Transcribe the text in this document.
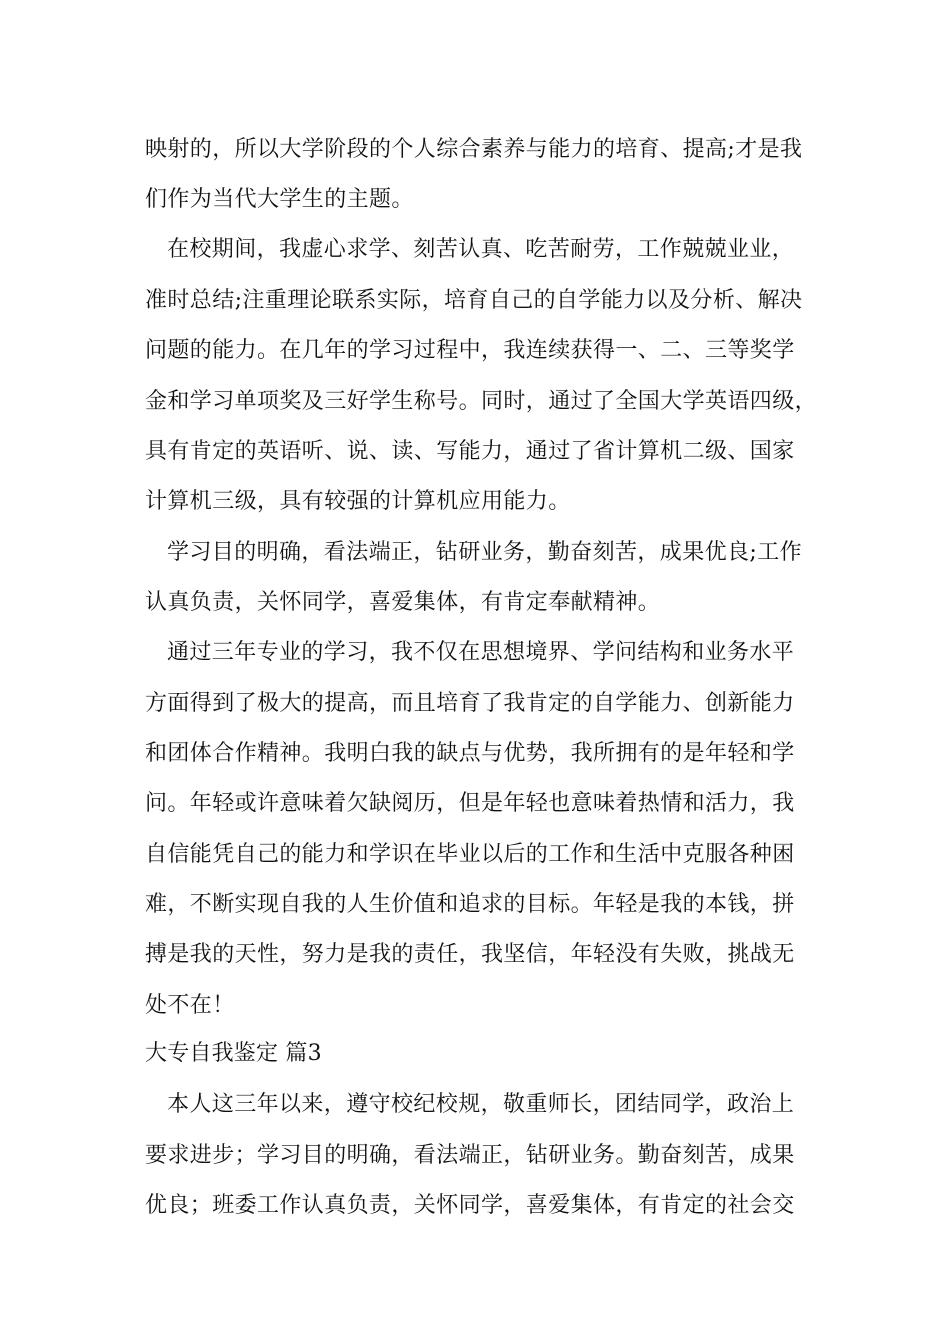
映射的，所以大学阶段的个人综合素养与能力的培育、提高;才是我
们作为当代大学生的主题。
在校期间，我虚心求学、刻苦认真、吃苦耐劳，工作兢兢业业，
准时总结;注重理论联系实际，培育自己的自学能力以及分析、解决
问题的能力。在几年的学习过程中，我连续获得一、二、三等奖学
金和学习单项奖及三好学生称号。同时，通过了全国大学英语四级，
具有肯定的英语听、说、读、写能力，通过了省计算机二级、国家
计算机三级，具有较强的计算机应用能力。
学习目的明确，看法端正，钻研业务，勤奋刻苦，成果优良;工作
认真负责，关怀同学，喜爱集体，有肯定奉献精神。
通过三年专业的学习，我不仅在思想境界、学问结构和业务水平
方面得到了极大的提高，而且培育了我肯定的自学能力、创新能力
和团体合作精神。我明白我的缺点与优势，我所拥有的是年轻和学
问。年轻或许意味着欠缺阅历，但是年轻也意味着热情和活力，我
自信能凭自己的能力和学识在毕业以后的工作和生活中克服各种困
难，不断实现自我的人生价值和追求的目标。年轻是我的本钱，拼
搏是我的天性，努力是我的责任，我坚信，年轻没有失败，挑战无
处不在！
大专自我鉴定 篇3
本人这三年以来，遵守校纪校规，敬重师长，团结同学，政治上
要求进步；学习目的明确，看法端正，钻研业务。勤奋刻苦，成果
优良；班委工作认真负责，关怀同学，喜爱集体，有肯定的社会交
